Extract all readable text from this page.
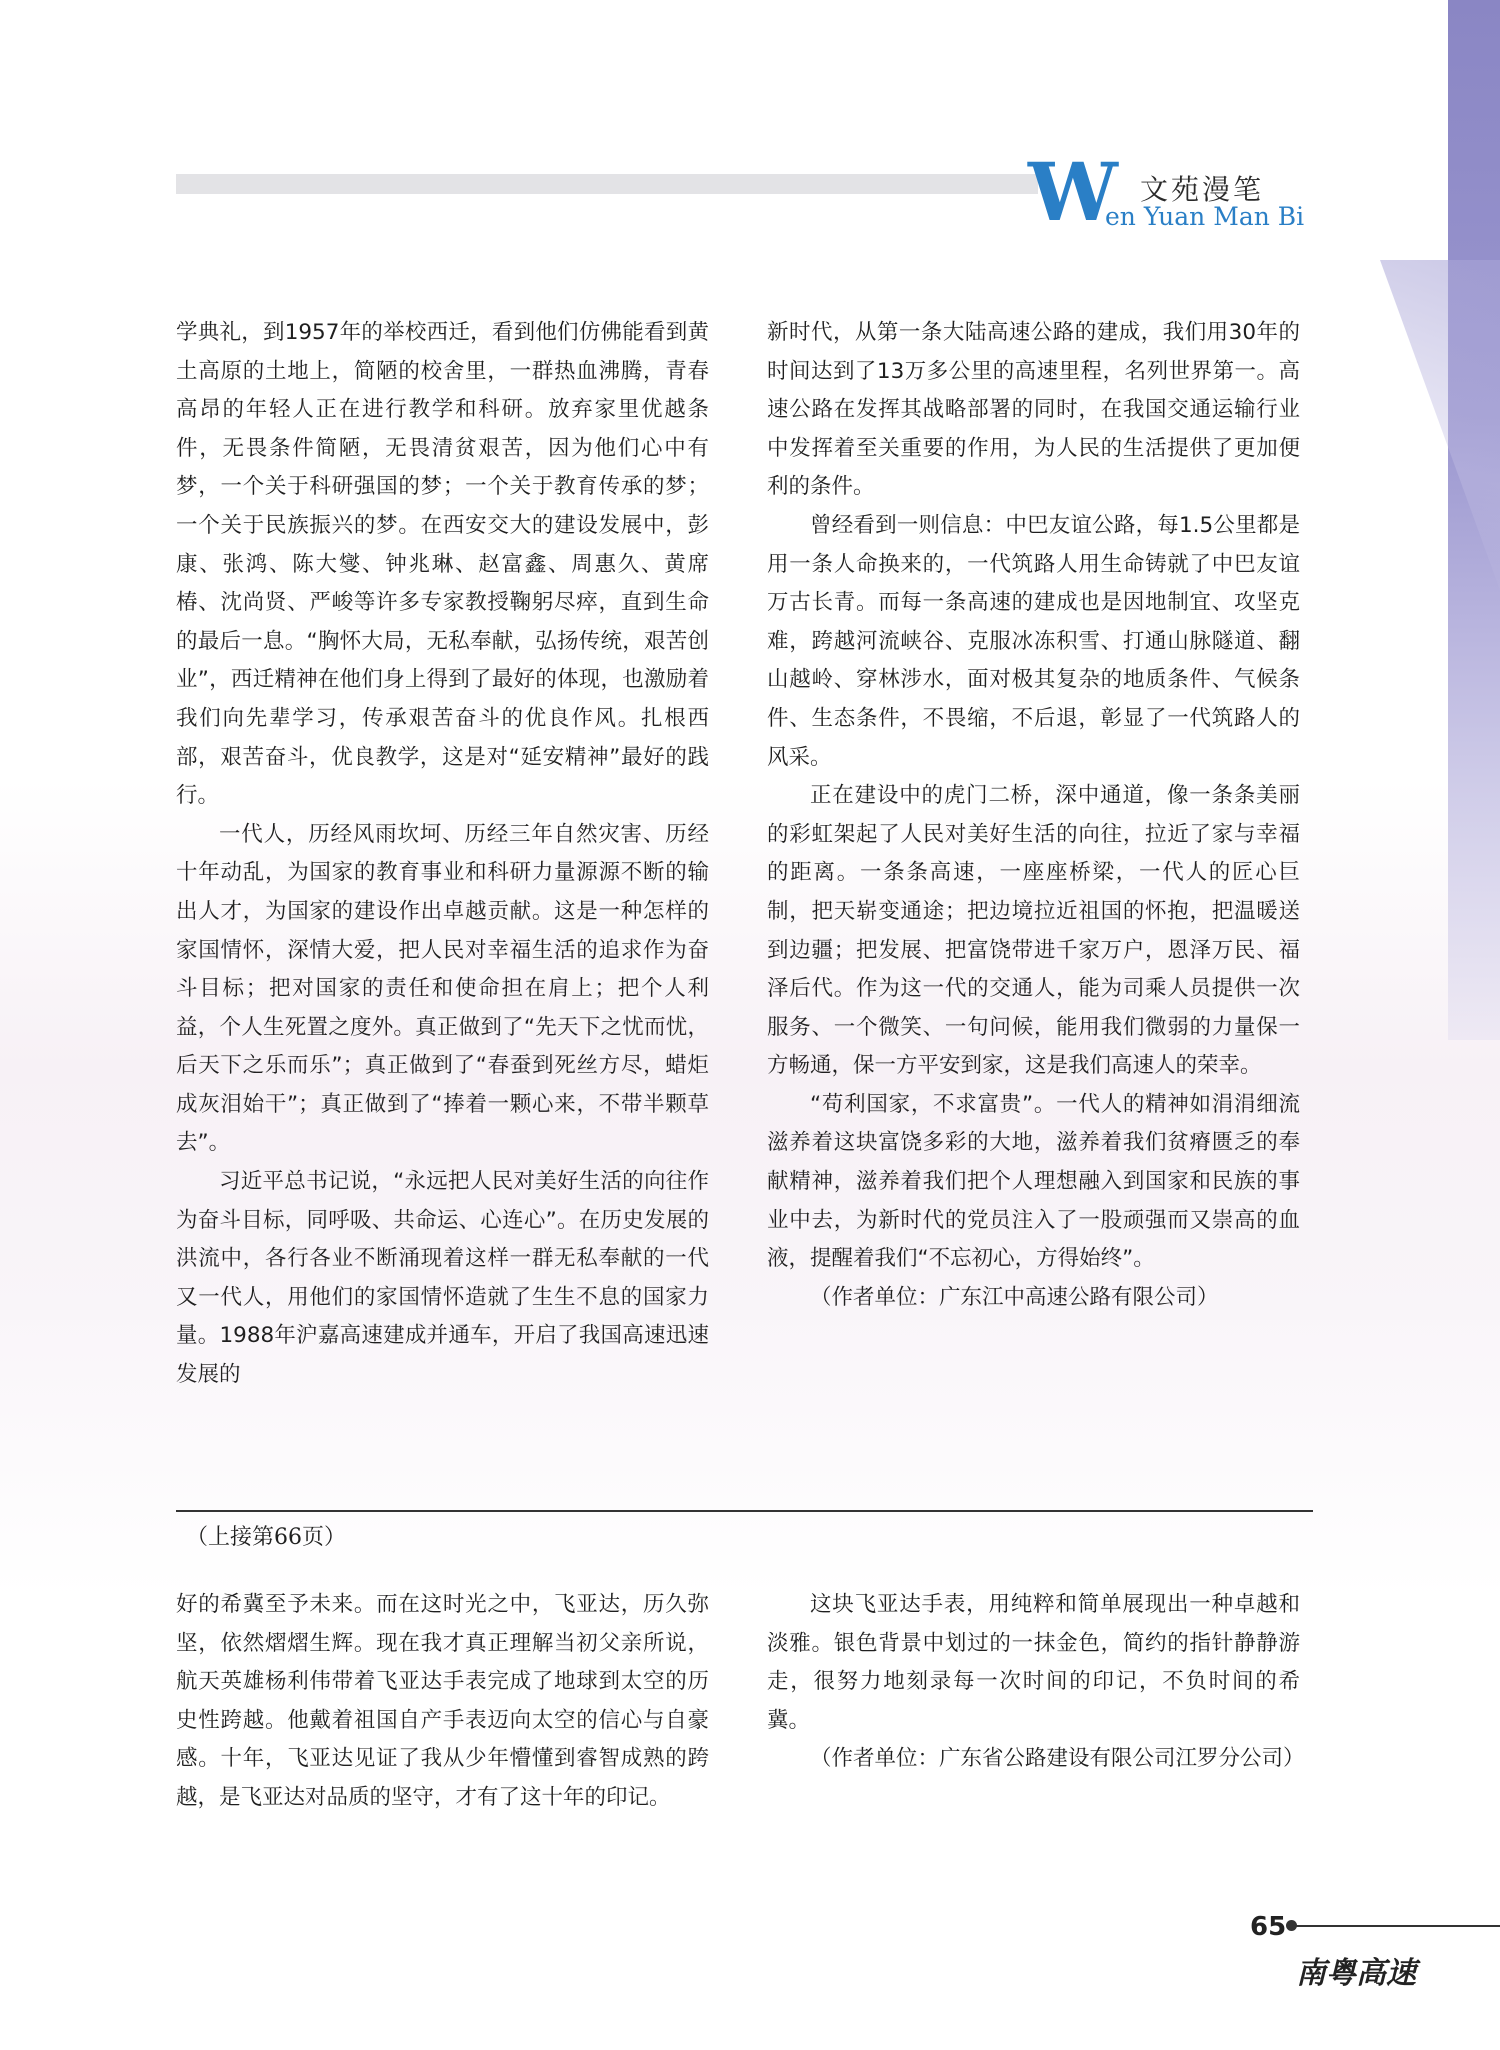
W 文苑漫笔
en Yuan Man Bi

学典礼，到1957年的举校西迁，看到他们仿佛能看到黄土高原的土地上，简陋的校舍里，一群热血沸腾，青春高昂的年轻人正在进行教学和科研。放弃家里优越条件，无畏条件简陋，无畏清贫艰苦，因为他们心中有梦，一个关于科研强国的梦；一个关于教育传承的梦；一个关于民族振兴的梦。在西安交大的建设发展中，彭康、张鸿、陈大燮、钟兆琳、赵富鑫、周惠久、黄席椿、沈尚贤、严峻等许多专家教授鞠躬尽瘁，直到生命的最后一息。“胸怀大局，无私奉献，弘扬传统，艰苦创业”，西迁精神在他们身上得到了最好的体现，也激励着我们向先辈学习，传承艰苦奋斗的优良作风。扎根西部，艰苦奋斗，优良教学，这是对“延安精神”最好的践行。

一代人，历经风雨坎坷、历经三年自然灾害、历经十年动乱，为国家的教育事业和科研力量源源不断的输出人才，为国家的建设作出卓越贡献。这是一种怎样的家国情怀，深情大爱，把人民对幸福生活的追求作为奋斗目标；把对国家的责任和使命担在肩上；把个人利益，个人生死置之度外。真正做到了“先天下之忧而忧，后天下之乐而乐”；真正做到了“春蚕到死丝方尽，蜡炬成灰泪始干”；真正做到了“捧着一颗心来，不带半颗草去”。

习近平总书记说，“永远把人民对美好生活的向往作为奋斗目标，同呼吸、共命运、心连心”。在历史发展的洪流中，各行各业不断涌现着这样一群无私奉献的一代又一代人，用他们的家国情怀造就了生生不息的国家力量。1988年沪嘉高速建成并通车，开启了我国高速迅速发展的

新时代，从第一条大陆高速公路的建成，我们用30年的时间达到了13万多公里的高速里程，名列世界第一。高速公路在发挥其战略部署的同时，在我国交通运输行业中发挥着至关重要的作用，为人民的生活提供了更加便利的条件。

曾经看到一则信息：中巴友谊公路，每1.5公里都是用一条人命换来的，一代筑路人用生命铸就了中巴友谊万古长青。而每一条高速的建成也是因地制宜、攻坚克难，跨越河流峡谷、克服冰冻积雪、打通山脉隧道、翻山越岭、穿林涉水，面对极其复杂的地质条件、气候条件、生态条件，不畏缩，不后退，彰显了一代筑路人的风采。

正在建设中的虎门二桥，深中通道，像一条条美丽的彩虹架起了人民对美好生活的向往，拉近了家与幸福的距离。一条条高速，一座座桥梁，一代人的匠心巨制，把天崭变通途；把边境拉近祖国的怀抱，把温暖送到边疆；把发展、把富饶带进千家万户，恩泽万民、福泽后代。作为这一代的交通人，能为司乘人员提供一次服务、一个微笑、一句问候，能用我们微弱的力量保一方畅通，保一方平安到家，这是我们高速人的荣幸。

“苟利国家，不求富贵”。一代人的精神如涓涓细流滋养着这块富饶多彩的大地，滋养着我们贫瘠匮乏的奉献精神，滋养着我们把个人理想融入到国家和民族的事业中去，为新时代的党员注入了一股顽强而又崇高的血液，提醒着我们“不忘初心，方得始终”。

（作者单位：广东江中高速公路有限公司）

（上接第66页）

好的希冀至予未来。而在这时光之中，飞亚达，历久弥坚，依然熠熠生辉。现在我才真正理解当初父亲所说，航天英雄杨利伟带着飞亚达手表完成了地球到太空的历史性跨越。他戴着祖国自产手表迈向太空的信心与自豪感。十年，飞亚达见证了我从少年懵懂到睿智成熟的跨越，是飞亚达对品质的坚守，才有了这十年的印记。

这块飞亚达手表，用纯粹和简单展现出一种卓越和淡雅。银色背景中划过的一抹金色，简约的指针静静游走，很努力地刻录每一次时间的印记，不负时间的希冀。

（作者单位：广东省公路建设有限公司江罗分公司）

65
南粤高速
